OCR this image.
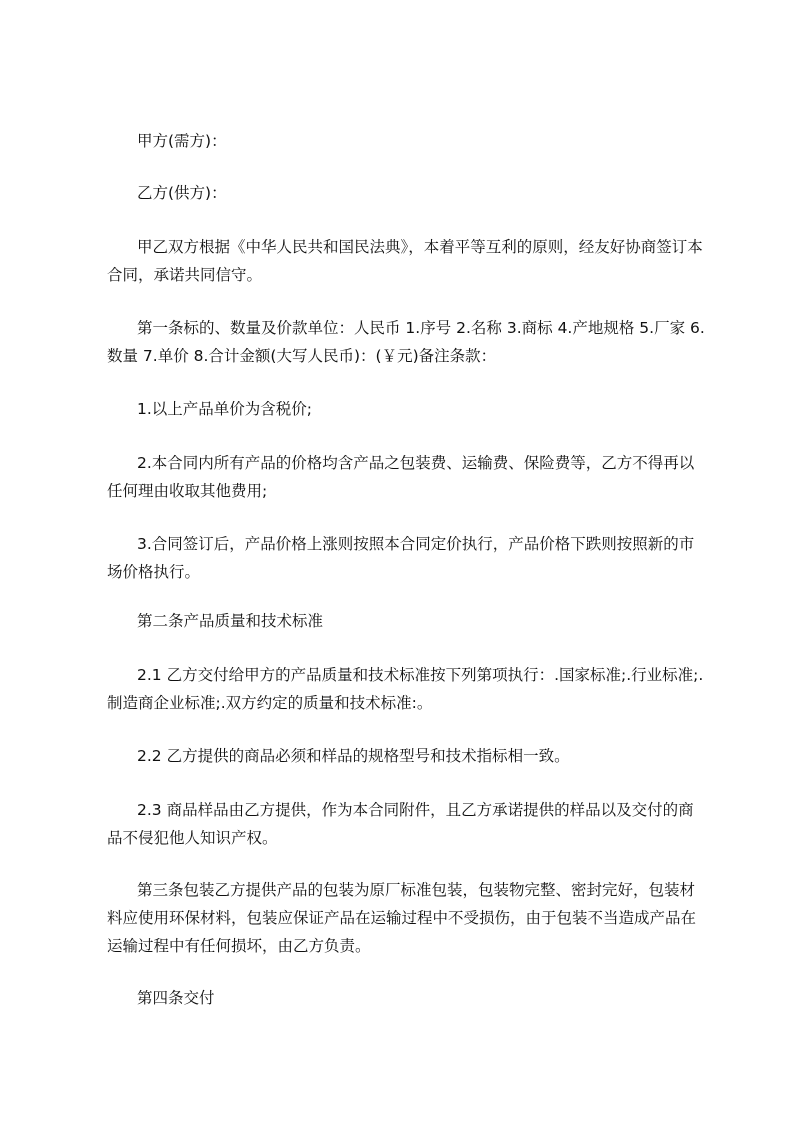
甲方(需方)：

乙方(供方)：

甲乙双方根据《中华人民共和国民法典》，本着平等互利的原则，经友好协商签订本合同，承诺共同信守。

第一条标的、数量及价款单位：人民币 1.序号 2.名称 3.商标 4.产地规格 5.厂家 6.数量 7.单价 8.合计金额(大写人民币)：(￥元)备注条款：

1.以上产品单价为含税价;

2.本合同内所有产品的价格均含产品之包装费、运输费、保险费等，乙方不得再以任何理由收取其他费用;

3.合同签订后，产品价格上涨则按照本合同定价执行，产品价格下跌则按照新的市场价格执行。

第二条产品质量和技术标准

2.1 乙方交付给甲方的产品质量和技术标准按下列第项执行：.国家标准;.行业标准;.制造商企业标准;.双方约定的质量和技术标准:。

2.2 乙方提供的商品必须和样品的规格型号和技术指标相一致。

2.3 商品样品由乙方提供，作为本合同附件，且乙方承诺提供的样品以及交付的商品不侵犯他人知识产权。

第三条包装乙方提供产品的包装为原厂标准包装，包装物完整、密封完好，包装材料应使用环保材料，包装应保证产品在运输过程中不受损伤，由于包装不当造成产品在运输过程中有任何损坏，由乙方负责。

第四条交付
